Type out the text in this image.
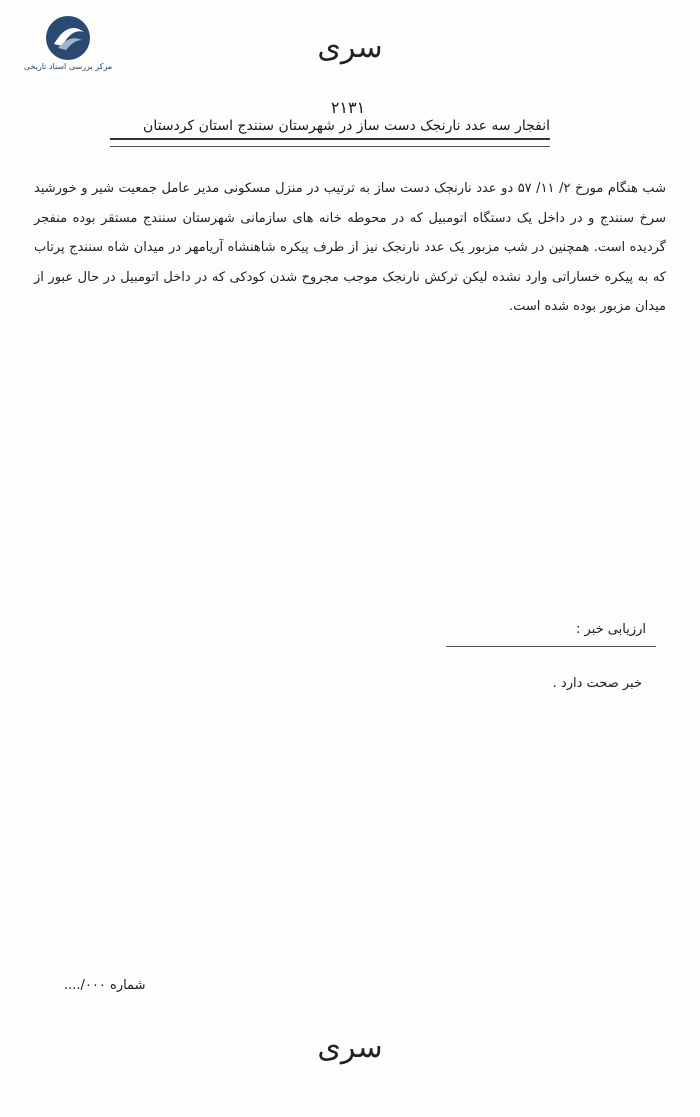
مرکز بررسی اسناد تاریخی
سری
۲۱۳۱
انفجار سه عدد نارنجک دست ساز در شهرستان سنندج استان کردستان

شب هنگام مورخ ۲/ ۱۱/ ۵۷ دو عدد نارنجک دست ساز به ترتیب در منزل مسکونی مدیر عامل جمعیت شیر و خورشید سرخ سنندج و در داخل یک دستگاه اتومبیل که در محوطه خانه های سازمانی شهرستان سنندج مستقر بوده منفجر گردیده است. همچنین در شب مزبور یک عدد نارنجک نیز از طرف پیکره شاهنشاه آریامهر در میدان شاه سنندج پرتاب که به پیکره خساراتی وارد نشده لیکن ترکش نارنجک موجب مجروح شدن کودکی که در داخل اتومبیل در حال عبور از میدان مزبور بوده شده است.

ارزیابی خبر :
خبر صحت دارد .
شماره ۰۰۰/....
سری
